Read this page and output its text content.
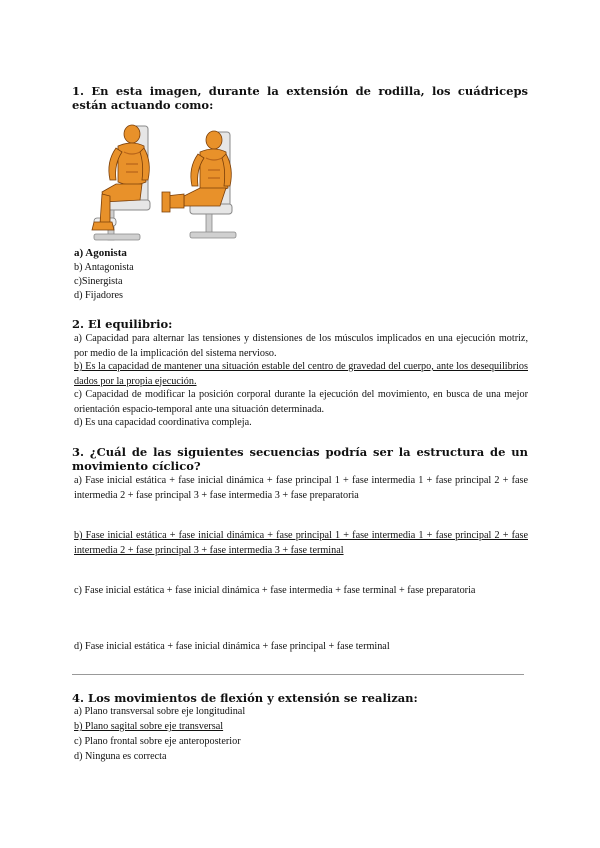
1. En esta imagen, durante la extensión de rodilla, los cuádriceps están actuando como:
a) Agonista
b) Antagonista
c)Sinergista
d) Fijadores
2. El equilibrio:
a) Capacidad para alternar las tensiones y distensiones de los músculos implicados en una ejecución motriz, por medio de la implicación del sistema nervioso.
b) Es la capacidad de mantener una situación estable del centro de gravedad del cuerpo, ante los desequilibrios dados por la propia ejecución.
c) Capacidad de modificar la posición corporal durante la ejecución del movimiento, en busca de una mejor orientación espacio-temporal ante una situación determinada.
d) Es una capacidad coordinativa compleja.
3. ¿Cuál de las siguientes secuencias podría ser la estructura de un movimiento cíclico?
a) Fase inicial estática + fase inicial dinámica + fase principal 1 + fase intermedia 1 + fase principal 2 + fase intermedia 2 + fase principal 3 + fase intermedia 3 + fase preparatoria
b) Fase inicial estática + fase inicial dinámica + fase principal 1 + fase intermedia 1 + fase principal 2 + fase intermedia 2 + fase principal 3 + fase intermedia 3 + fase terminal
c) Fase inicial estática + fase inicial dinámica + fase intermedia + fase terminal + fase preparatoria
d) Fase inicial estática + fase inicial dinámica + fase principal + fase terminal
4. Los movimientos de flexión y extensión se realizan:
a) Plano transversal sobre eje longitudinal
b) Plano sagital sobre eje transversal
c) Plano frontal sobre eje anteroposterior
d) Ninguna es correcta
